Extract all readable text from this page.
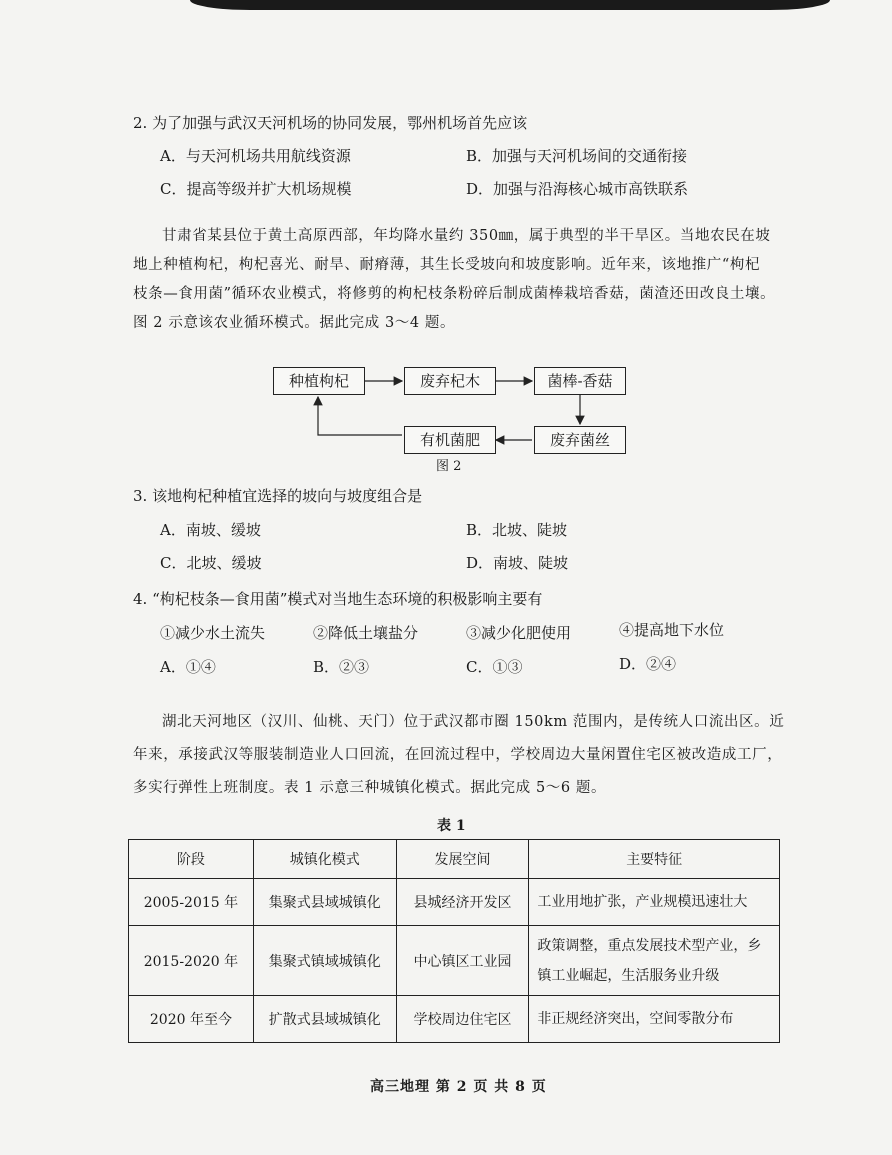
2. 为了加强与武汉天河机场的协同发展，鄂州机场首先应该
A．与天河机场共用航线资源	B．加强与天河机场间的交通衔接
C．提高等级并扩大机场规模	D．加强与沿海核心城市高铁联系
甘肃省某县位于黄土高原西部，年均降水量约 350㎜，属于典型的半干旱区。当地农民在坡
地上种植枸杞，枸杞喜光、耐旱、耐瘠薄，其生长受坡向和坡度影响。近年来，该地推广“枸杞
枝条—食用菌”循环农业模式，将修剪的枸杞枝条粉碎后制成菌棒栽培香菇，菌渣还田改良土壤。
图 2 示意该农业循环模式。据此完成 3～4 题。
种植枸杞	废弃杞木	菌棒-香菇
废弃菌丝
有机菌肥
图 2
3. 该地枸杞种植宜选择的坡向与坡度组合是
A．南坡、缓坡	B．北坡、陡坡
C．北坡、缓坡	D．南坡、陡坡
4. “枸杞枝条—食用菌”模式对当地生态环境的积极影响主要有
①减少水土流失	②降低土壤盐分	③减少化肥使用	④提高地下水位
A．①④	B．②③	C．①③	D．②④
湖北天河地区（汉川、仙桃、天门）位于武汉都市圈 150km 范围内，是传统人口流出区。近
年来，承接武汉等服装制造业人口回流，在回流过程中，学校周边大量闲置住宅区被改造成工厂，
多实行弹性上班制度。表 1 示意三种城镇化模式。据此完成 5～6 题。
表 1
阶段	城镇化模式	发展空间	主要特征
2005-2015 年	集聚式县域城镇化	县城经济开发区	工业用地扩张，产业规模迅速壮大
2015-2020 年	集聚式镇域城镇化	中心镇区工业园	政策调整，重点发展技术型产业，乡镇工业崛起，生活服务业升级
2020 年至今	扩散式县域城镇化	学校周边住宅区	非正规经济突出，空间零散分布
高三地理 第 2 页 共 8 页
